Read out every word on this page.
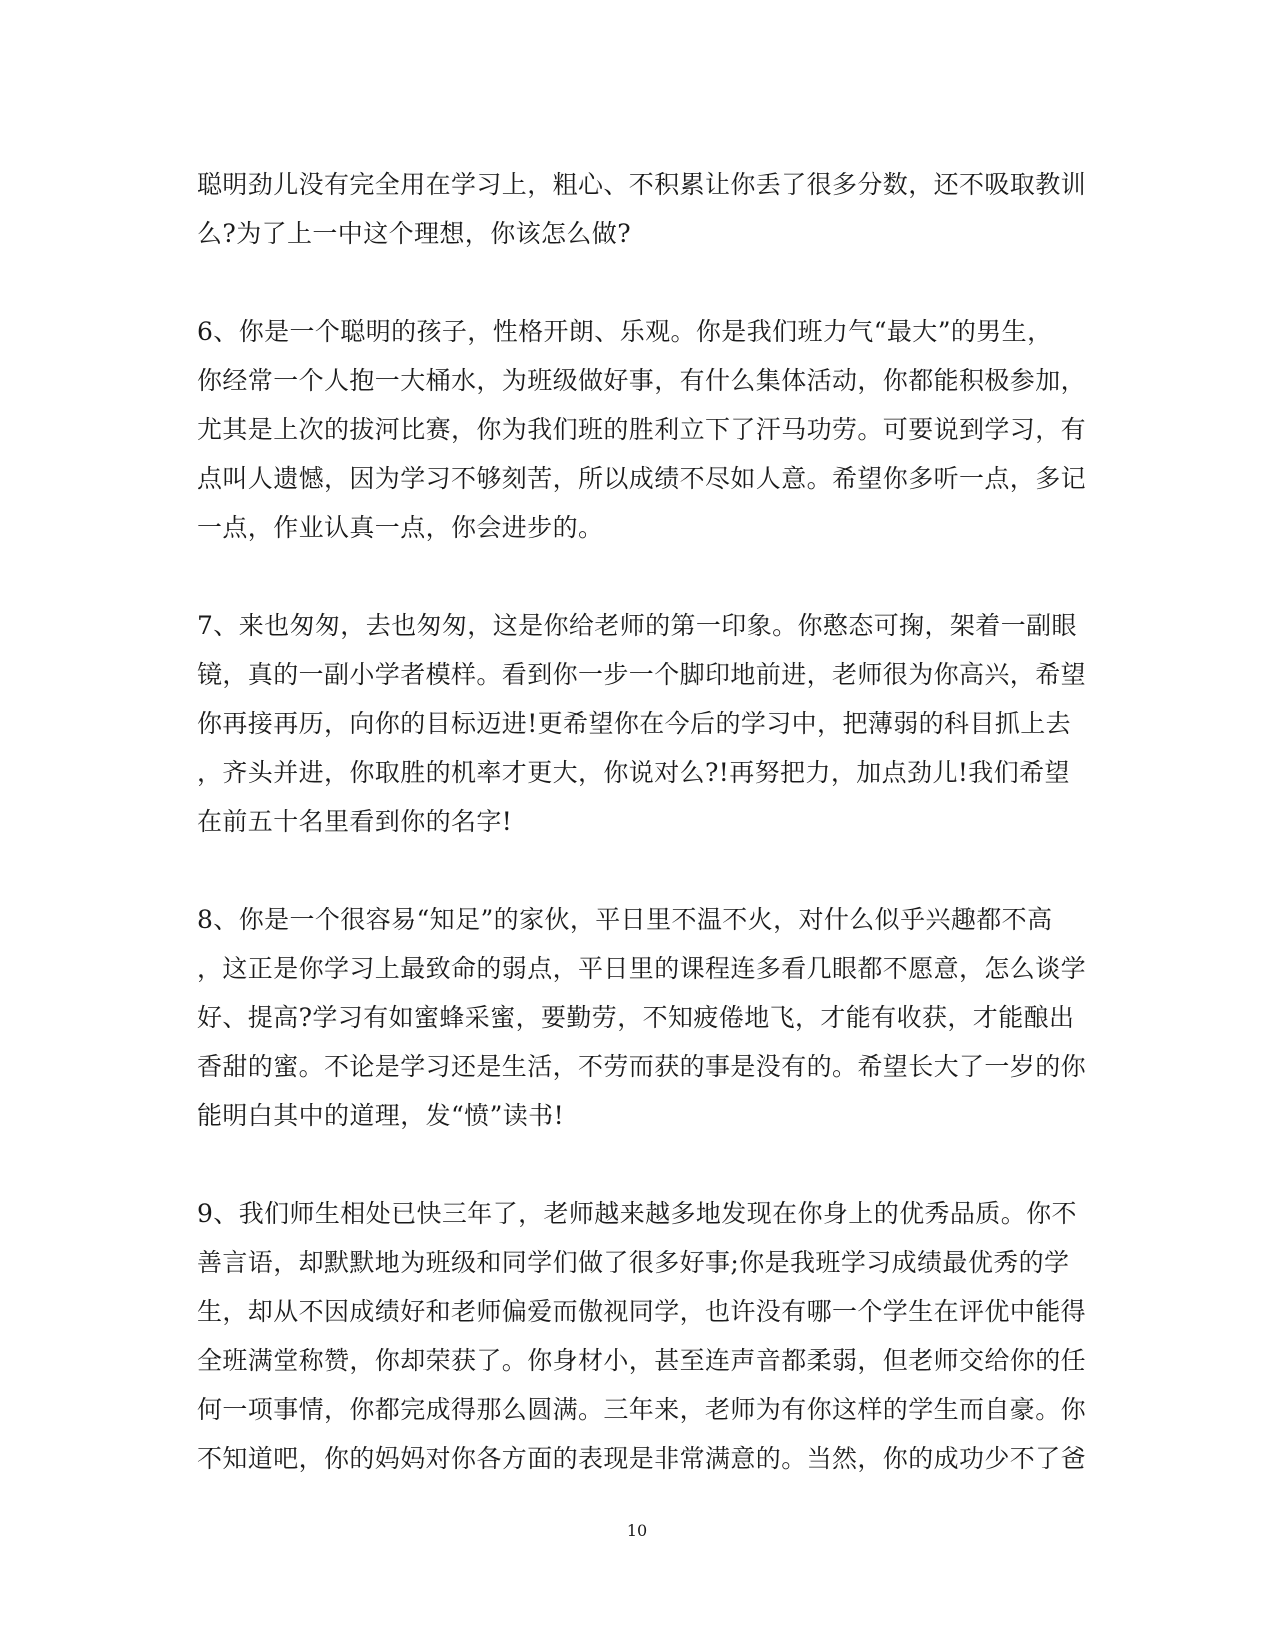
聪明劲儿没有完全用在学习上，粗心、不积累让你丢了很多分数，还不吸取教训
么?为了上一中这个理想，你该怎么做?

6、你是一个聪明的孩子，性格开朗、乐观。你是我们班力气“最大”的男生，
你经常一个人抱一大桶水，为班级做好事，有什么集体活动，你都能积极参加，
尤其是上次的拔河比赛，你为我们班的胜利立下了汗马功劳。可要说到学习，有
点叫人遗憾，因为学习不够刻苦，所以成绩不尽如人意。希望你多听一点，多记
一点，作业认真一点，你会进步的。

7、来也匆匆，去也匆匆，这是你给老师的第一印象。你憨态可掬，架着一副眼
镜，真的一副小学者模样。看到你一步一个脚印地前进，老师很为你高兴，希望
你再接再历，向你的目标迈进!更希望你在今后的学习中，把薄弱的科目抓上去
，齐头并进，你取胜的机率才更大，你说对么?!再努把力，加点劲儿!我们希望
在前五十名里看到你的名字!

8、你是一个很容易“知足”的家伙，平日里不温不火，对什么似乎兴趣都不高
，这正是你学习上最致命的弱点，平日里的课程连多看几眼都不愿意，怎么谈学
好、提高?学习有如蜜蜂采蜜，要勤劳，不知疲倦地飞，才能有收获，才能酿出
香甜的蜜。不论是学习还是生活，不劳而获的事是没有的。希望长大了一岁的你
能明白其中的道理，发“愤”读书!

9、我们师生相处已快三年了，老师越来越多地发现在你身上的优秀品质。你不
善言语，却默默地为班级和同学们做了很多好事;你是我班学习成绩最优秀的学
生，却从不因成绩好和老师偏爱而傲视同学，也许没有哪一个学生在评优中能得
全班满堂称赞，你却荣获了。你身材小，甚至连声音都柔弱，但老师交给你的任
何一项事情，你都完成得那么圆满。三年来，老师为有你这样的学生而自豪。你
不知道吧，你的妈妈对你各方面的表现是非常满意的。当然，你的成功少不了爸

10
